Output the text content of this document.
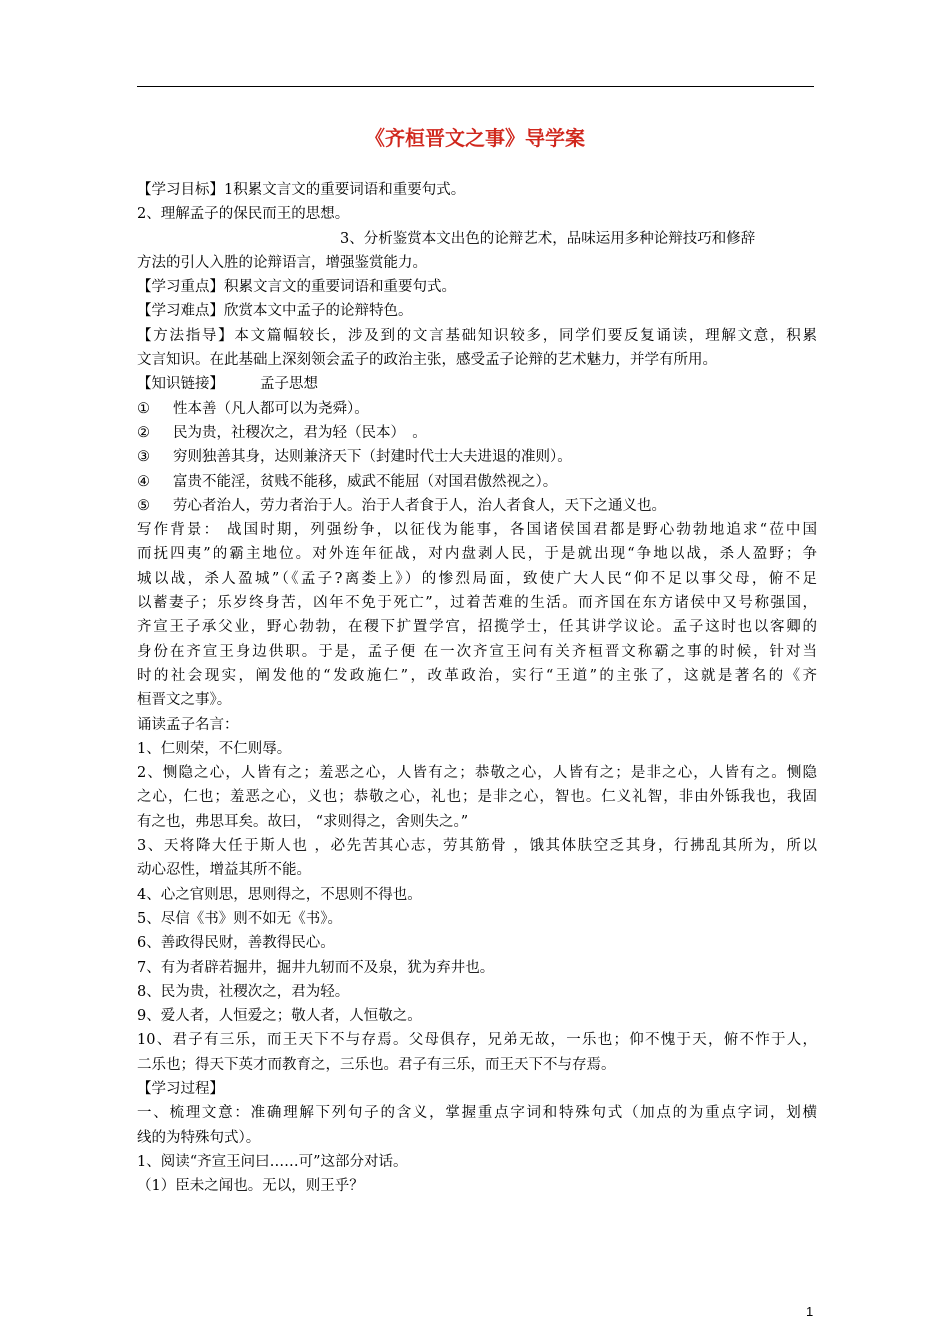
《齐桓晋文之事》导学案
【学习目标】1积累文言文的重要词语和重要句式。
2、理解孟子的保民而王的思想。
3、分析鉴赏本文出色的论辩艺术，品味运用多种论辩技巧和修辞
方法的引人入胜的论辩语言，增强鉴赏能力。
【学习重点】积累文言文的重要词语和重要句式。
【学习难点】欣赏本文中孟子的论辩特色。
【方法指导】本文篇幅较长，涉及到的文言基础知识较多，同学们要反复诵读，理解文意，积累
文言知识。在此基础上深刻领会孟子的政治主张，感受孟子论辩的艺术魅力，并学有所用。
【知识链接】 孟子思想
① 性本善（凡人都可以为尧舜）。
② 民为贵，社稷次之，君为轻（民本）　。
③ 穷则独善其身，达则兼济天下（封建时代士大夫进退的准则）。
④ 富贵不能淫，贫贱不能移，威武不能屈（对国君傲然视之）。
⑤ 劳心者治人，劳力者治于人。治于人者食于人，治人者食人，天下之通义也。
写作背景： 战国时期，列强纷争，以征伐为能事，各国诸侯国君都是野心勃勃地追求“莅中国
而抚四夷”的霸主地位。对外连年征战，对内盘剥人民，于是就出现“争地以战，杀人盈野；争
城以战，杀人盈城”（《孟子?离娄上》）的惨烈局面，致使广大人民“仰不足以事父母，俯不足
以蓄妻子；乐岁终身苦，凶年不免于死亡”，过着苦难的生活。而齐国在东方诸侯中又号称强国，
齐宣王子承父业，野心勃勃，在稷下扩置学宫，招揽学士，任其讲学议论。孟子这时也以客卿的
身份在齐宣王身边供职。于是，孟子便 在一次齐宣王问有关齐桓晋文称霸之事的时候，针对当
时的社会现实，阐发他的“发政施仁”，改革政治，实行“王道”的主张了，这就是著名的《齐
桓晋文之事》。
诵读孟子名言：
1、仁则荣，不仁则辱。
2、恻隐之心，人皆有之；羞恶之心，人皆有之；恭敬之心，人皆有之；是非之心，人皆有之。恻隐
之心，仁也；羞恶之心，义也；恭敬之心，礼也；是非之心，智也。仁义礼智，非由外铄我也，我固
有之也，弗思耳矣。故曰， “求则得之，舍则失之。”
3、天将降大任于斯人也 ，必先苦其心志，劳其筋骨 ，饿其体肤空乏其身，行拂乱其所为，所以
动心忍性，增益其所不能。
4、心之官则思，思则得之，不思则不得也。
5、尽信《书》则不如无《书》。
6、善政得民财，善教得民心。
7、有为者辟若掘井，掘井九轫而不及泉，犹为弃井也。
8、民为贵，社稷次之，君为轻。
9、爱人者，人恒爱之；敬人者，人恒敬之。
10、君子有三乐，而王天下不与存焉。父母俱存，兄弟无故，一乐也；仰不愧于天，俯不怍于人，
二乐也；得天下英才而教育之，三乐也。君子有三乐，而王天下不与存焉。
【学习过程】
一、梳理文意：准确理解下列句子的含义，掌握重点字词和特殊句式（加点的为重点字词，划横
线的为特殊句式）。
1、阅读“齐宣王问曰……可”这部分对话。
（1）臣未之闻也。无以，则王乎？
1
